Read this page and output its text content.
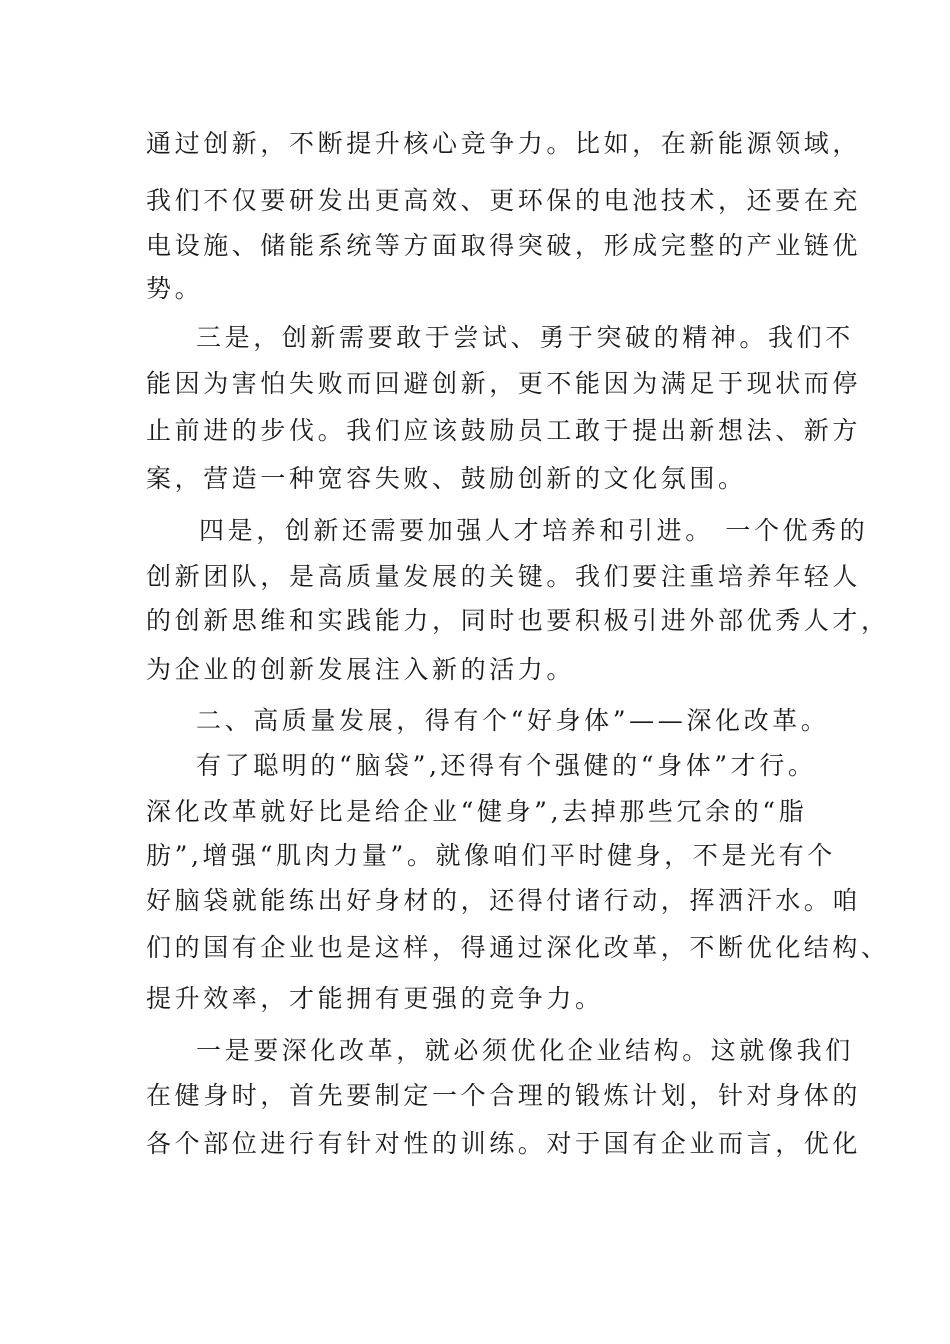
通过创新，不断提升核心竞争力。比如，在新能源领域，
我们不仅要研发出更高效、更环保的电池技术，还要在充
电设施、储能系统等方面取得突破，形成完整的产业链优
势。
三是，创新需要敢于尝试、勇于突破的精神。我们不
能因为害怕失败而回避创新，更不能因为满足于现状而停
止前进的步伐。我们应该鼓励员工敢于提出新想法、新方
案，营造一种宽容失败、鼓励创新的文化氛围。
四是，创新还需要加强人才培养和引进。 一个优秀的
创新团队，是高质量发展的关键。我们要注重培养年轻人
的创新思维和实践能力，同时也要积极引进外部优秀人才，
为企业的创新发展注入新的活力。
二、高质量发展，得有个“好身体”——深化改革。
有了聪明的“脑袋”,还得有个强健的“身体”才行。
深化改革就好比是给企业“健身”,去掉那些冗余的“脂
肪”,增强“肌肉力量”。就像咱们平时健身，不是光有个
好脑袋就能练出好身材的，还得付诸行动，挥洒汗水。咱
们的国有企业也是这样，得通过深化改革，不断优化结构、
提升效率，才能拥有更强的竞争力。
一是要深化改革，就必须优化企业结构。这就像我们
在健身时，首先要制定一个合理的锻炼计划，针对身体的
各个部位进行有针对性的训练。对于国有企业而言，优化
